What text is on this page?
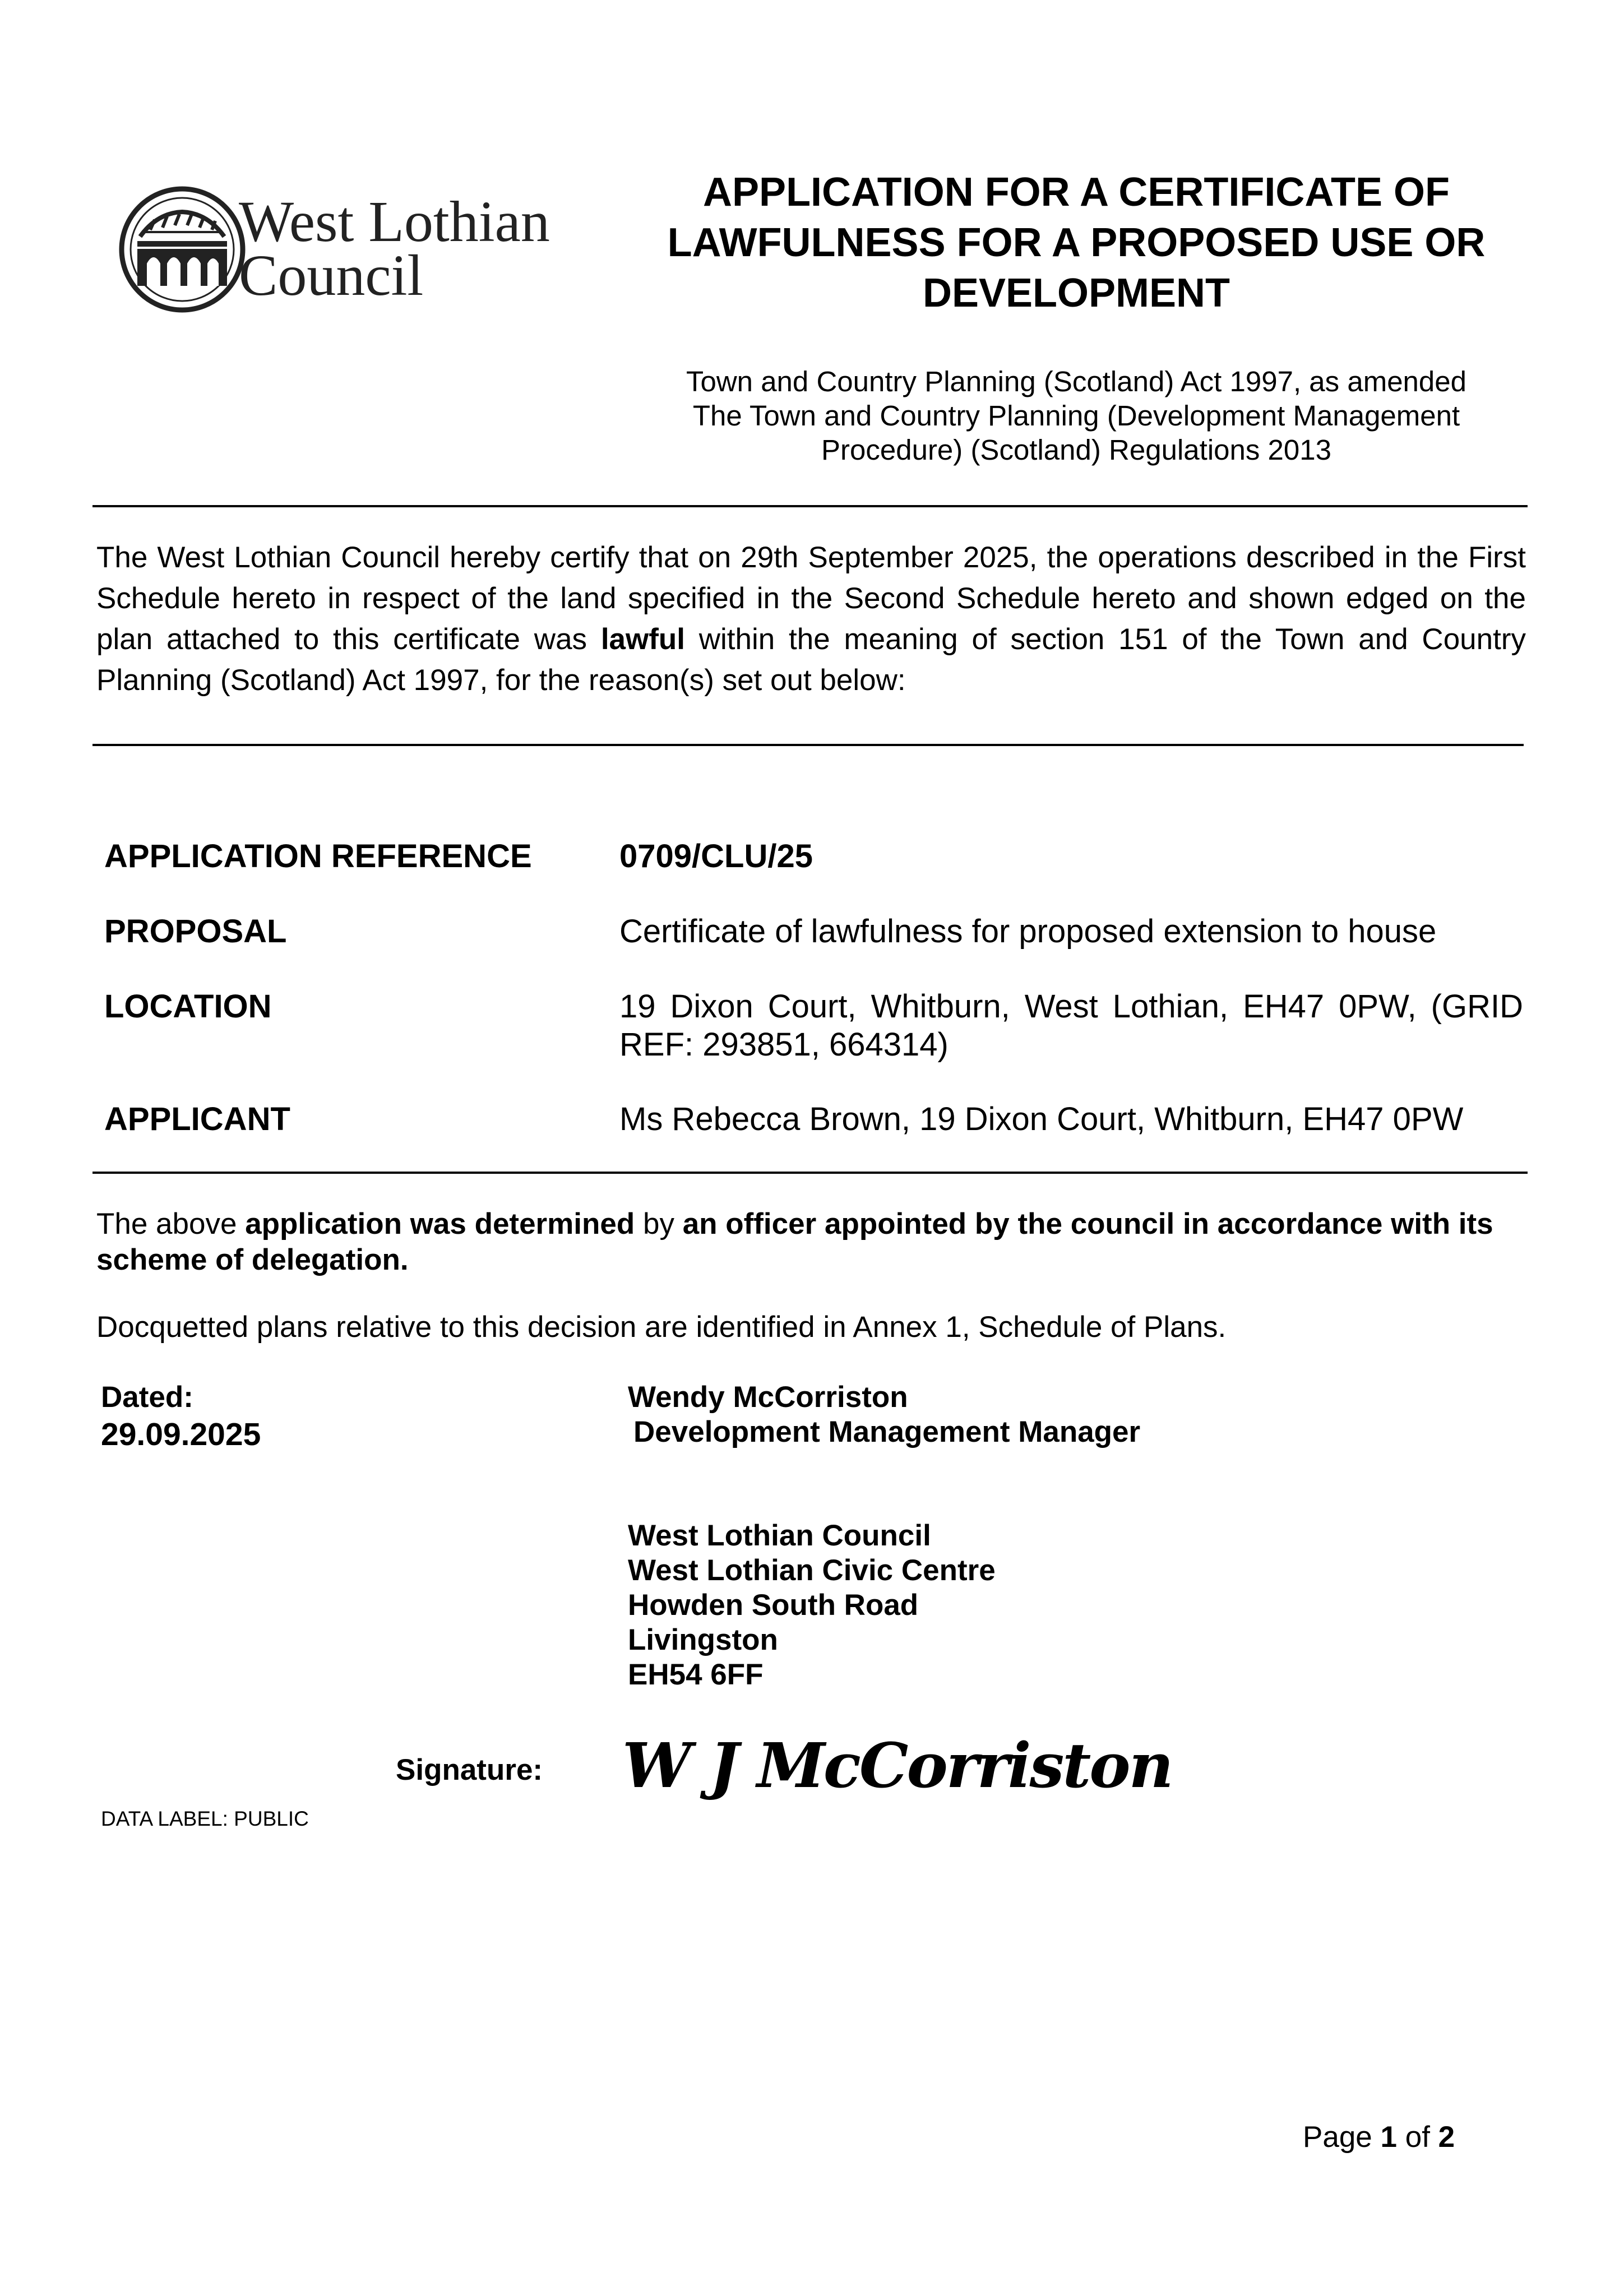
West Lothian
Council
APPLICATION FOR A CERTIFICATE OF
LAWFULNESS FOR A PROPOSED USE OR
DEVELOPMENT
Town and Country Planning (Scotland) Act 1997, as amended
The Town and Country Planning (Development Management
Procedure) (Scotland) Regulations 2013
The West Lothian Council hereby certify that on 29th September 2025, the operations described in the First Schedule hereto in respect of the land specified in the Second Schedule hereto and shown edged on the plan attached to this certificate was lawful within the meaning of section 151 of the Town and Country Planning (Scotland) Act 1997, for the reason(s) set out below:
APPLICATION REFERENCE	0709/CLU/25
PROPOSAL	Certificate of lawfulness for proposed extension to house
LOCATION	19 Dixon Court, Whitburn, West Lothian, EH47 0PW, (GRID REF: 293851, 664314)
APPLICANT	Ms Rebecca Brown, 19 Dixon Court, Whitburn, EH47 0PW
The above application was determined by an officer appointed by the council in accordance with its scheme of delegation.
Docquetted plans relative to this decision are identified in Annex 1, Schedule of Plans.
Dated:
29.09.2025
Wendy McCorriston
Development Management Manager
West Lothian Council
West Lothian Civic Centre
Howden South Road
Livingston
EH54 6FF
Signature: W J McCorriston
DATA LABEL: PUBLIC
Page 1 of 2
